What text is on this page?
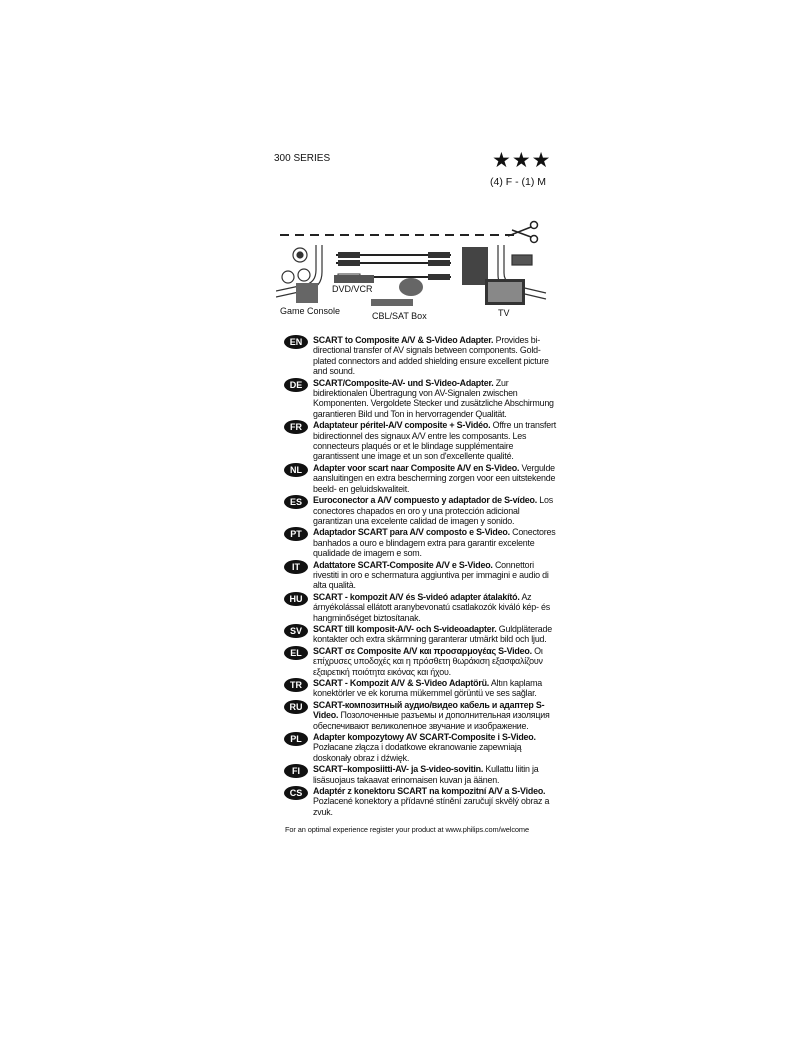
300 SERIES	★★★
(4) F - (1) M
DVD/VCR
Game Console	CBL/SAT Box	TV
EN	SCART to Composite A/V & S-Video Adapter. Provides bi-directional transfer of AV signals between components. Gold-plated connectors and added shielding ensure excellent picture and sound.
DE	SCART/Composite-AV- und S-Video-Adapter. Zur bidirektionalen Übertragung von AV-Signalen zwischen Komponenten. Vergoldete Stecker und zusätzliche Abschirmung garantieren Bild und Ton in hervorragender Qualität.
FR	Adaptateur péritel-A/V composite + S-Vidéo. Offre un transfert bidirectionnel des signaux A/V entre les composants. Les connecteurs plaqués or et le blindage supplémentaire garantissent une image et un son d'excellente qualité.
NL	Adapter voor scart naar Composite A/V en S-Video. Vergulde aansluitingen en extra bescherming zorgen voor een uitstekende beeld- en geluidskwaliteit.
ES	Euroconector a A/V compuesto y adaptador de S-vídeo. Los conectores chapados en oro y una protección adicional garantizan una excelente calidad de imagen y sonido.
PT	Adaptador SCART para A/V composto e S-Video. Conectores banhados a ouro e blindagem extra para garantir excelente qualidade de imagem e som.
IT	Adattatore SCART-Composite A/V e S-Video. Connettori rivestiti in oro e schermatura aggiuntiva per immagini e audio di alta qualità.
HU	SCART - kompozit A/V és S-videó adapter átalakító. Az árnyékolással ellátott aranybevonatú csatlakozók kiváló kép- és hangminőséget biztosítanak.
SV	SCART till komposit-A/V- och S-videoadapter. Guldpläterade kontakter och extra skärmning garanterar utmärkt bild och ljud.
EL	SCART σε Composite A/V και προσαρμογέας S-Video. Οι επίχρυσες υποδοχές και η πρόσθετη θωράκιση εξασφαλίζουν εξαιρετική ποιότητα εικόνας και ήχου.
TR	SCART - Kompozit A/V & S-Video Adaptörü. Altın kaplama konektörler ve ek koruma mükemmel görüntü ve ses sağlar.
RU	SCART-композитный аудио/видео кабель и адаптер S-Video. Позолоченные разъемы и дополнительная изоляция обеспечивают великолепное звучание и изображение.
PL	Adapter kompozytowy AV SCART-Composite i S-Video. Pozłacane złącza i dodatkowe ekranowanie zapewniają doskonały obraz i dźwięk.
FI	SCART–komposiitti-AV- ja S-video-sovitin. Kullattu liitin ja lisäsuojaus takaavat erinomaisen kuvan ja äänen.
CS	Adaptér z konektoru SCART na kompozitní A/V a S-Video. Pozlacené konektory a přídavné stínění zaručují skvělý obraz a zvuk.
For an optimal experience register your product at www.philips.com/welcome
